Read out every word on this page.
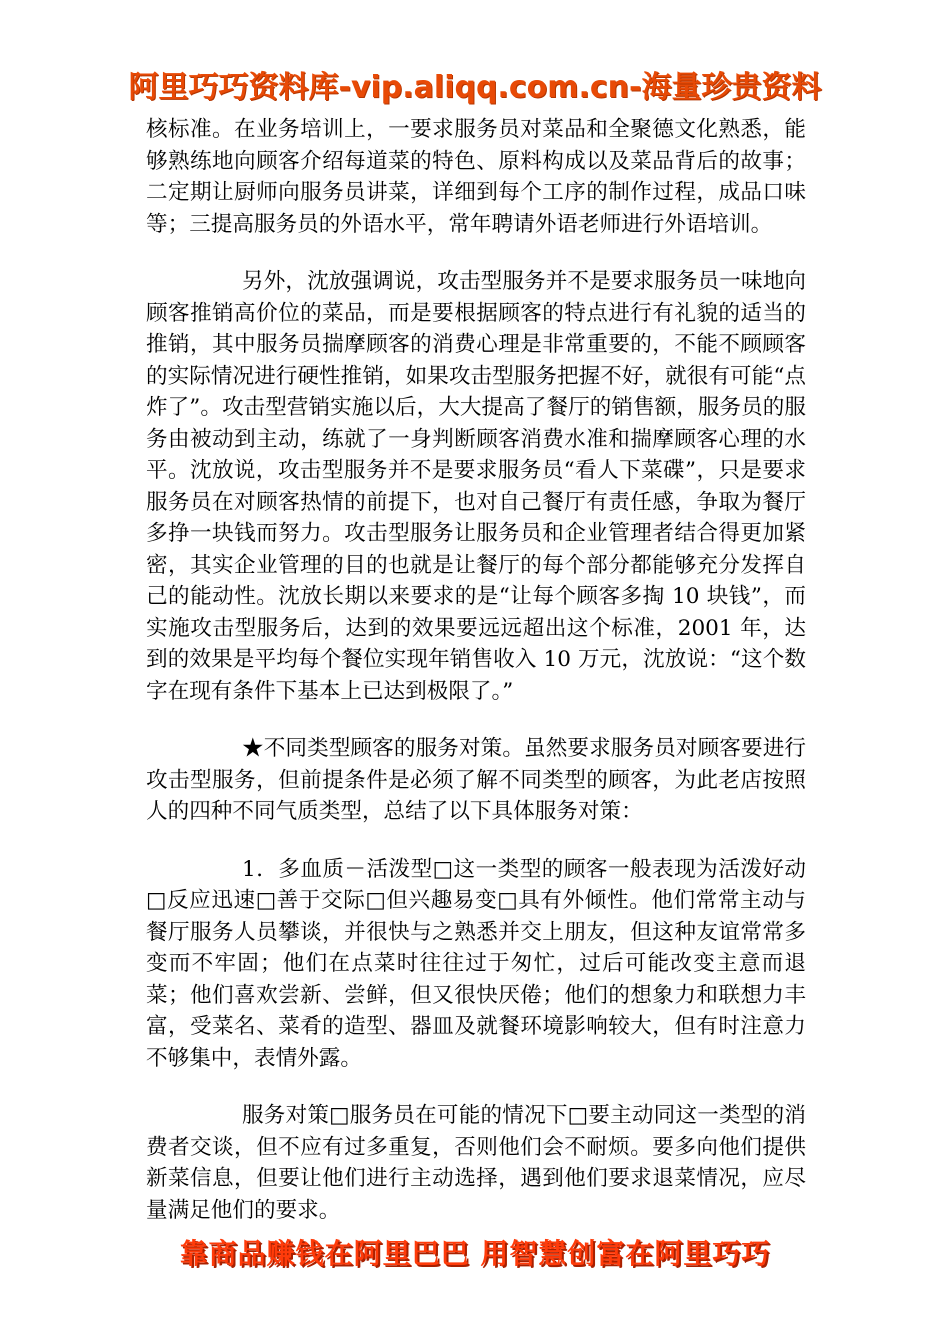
阿里巧巧资料库-vip.aliqq.com.cn-海量珍贵资料

核标准。在业务培训上，一要求服务员对菜品和全聚德文化熟悉，能够熟练地向顾客介绍每道菜的特色、原料构成以及菜品背后的故事；二定期让厨师向服务员讲菜，详细到每个工序的制作过程，成品口味等；三提高服务员的外语水平，常年聘请外语老师进行外语培训。

另外，沈放强调说，攻击型服务并不是要求服务员一味地向顾客推销高价位的菜品，而是要根据顾客的特点进行有礼貌的适当的推销，其中服务员揣摩顾客的消费心理是非常重要的，不能不顾顾客的实际情况进行硬性推销，如果攻击型服务把握不好，就很有可能“点炸了”。攻击型营销实施以后，大大提高了餐厅的销售额，服务员的服务由被动到主动，练就了一身判断顾客消费水准和揣摩顾客心理的水平。沈放说，攻击型服务并不是要求服务员“看人下菜碟”，只是要求服务员在对顾客热情的前提下，也对自己餐厅有责任感，争取为餐厅多挣一块钱而努力。攻击型服务让服务员和企业管理者结合得更加紧密，其实企业管理的目的也就是让餐厅的每个部分都能够充分发挥自己的能动性。沈放长期以来要求的是“让每个顾客多掏 10 块钱”，而实施攻击型服务后，达到的效果要远远超出这个标准，2001 年，达到的效果是平均每个餐位实现年销售收入 10 万元，沈放说：“这个数字在现有条件下基本上已达到极限了。”

★不同类型顾客的服务对策。虽然要求服务员对顾客要进行攻击型服务，但前提条件是必须了解不同类型的顾客，为此老店按照人的四种不同气质类型，总结了以下具体服务对策：

1．多血质－活泼型□这一类型的顾客一般表现为活泼好动□反应迅速□善于交际□但兴趣易变□具有外倾性。他们常常主动与餐厅服务人员攀谈，并很快与之熟悉并交上朋友，但这种友谊常常多变而不牢固；他们在点菜时往往过于匆忙，过后可能改变主意而退菜；他们喜欢尝新、尝鲜，但又很快厌倦；他们的想象力和联想力丰富，受菜名、菜肴的造型、器皿及就餐环境影响较大，但有时注意力不够集中，表情外露。

服务对策□服务员在可能的情况下□要主动同这一类型的消费者交谈，但不应有过多重复，否则他们会不耐烦。要多向他们提供新菜信息，但要让他们进行主动选择，遇到他们要求退菜情况，应尽量满足他们的要求。

靠商品赚钱在阿里巴巴 用智慧创富在阿里巧巧
